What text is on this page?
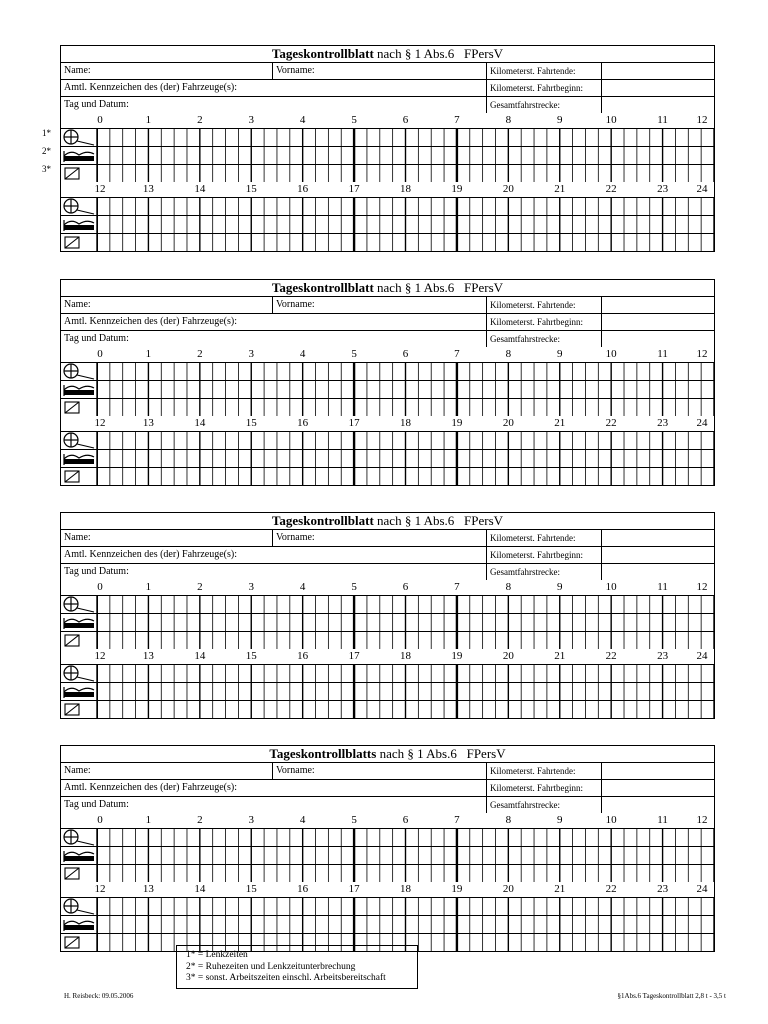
Tageskontrollblatt nach § 1 Abs.6   FPersV
Name:	Vorname:	Kilometerst. Fahrtende:
Amtl. Kennzeichen des (der) Fahrzeuge(s):	Kilometerst. Fahrtbeginn:
Tag und Datum:	Gesamtfahrstrecke:
0	1	2	3	4	5	6	7	8	9	10	11	12
12	13	14	15	16	17	18	19	20	21	22	23	24
Tageskontrollblatt nach § 1 Abs.6   FPersV
Name:	Vorname:	Kilometerst. Fahrtende:
Amtl. Kennzeichen des (der) Fahrzeuge(s):	Kilometerst. Fahrtbeginn:
Tag und Datum:	Gesamtfahrstrecke:
0	1	2	3	4	5	6	7	8	9	10	11	12
12	13	14	15	16	17	18	19	20	21	22	23	24
Tageskontrollblatt nach § 1 Abs.6   FPersV
Name:	Vorname:	Kilometerst. Fahrtende:
Amtl. Kennzeichen des (der) Fahrzeuge(s):	Kilometerst. Fahrtbeginn:
Tag und Datum:	Gesamtfahrstrecke:
0	1	2	3	4	5	6	7	8	9	10	11	12
12	13	14	15	16	17	18	19	20	21	22	23	24
Tageskontrollblatts nach § 1 Abs.6   FPersV
Name:	Vorname:	Kilometerst. Fahrtende:
Amtl. Kennzeichen des (der) Fahrzeuge(s):	Kilometerst. Fahrtbeginn:
Tag und Datum:	Gesamtfahrstrecke:
0	1	2	3	4	5	6	7	8	9	10	11	12
12	13	14	15	16	17	18	19	20	21	22	23	24
1*
2*
3*
1* = Lenkzeiten
2* = Ruhezeiten und Lenkzeitunterbrechung
3* = sonst. Arbeitszeiten einschl. Arbeitsbereitschaft
H. Reisbeck: 09.05.2006	§1Abs.6 Tageskontrollblatt 2,8 t - 3,5 t
